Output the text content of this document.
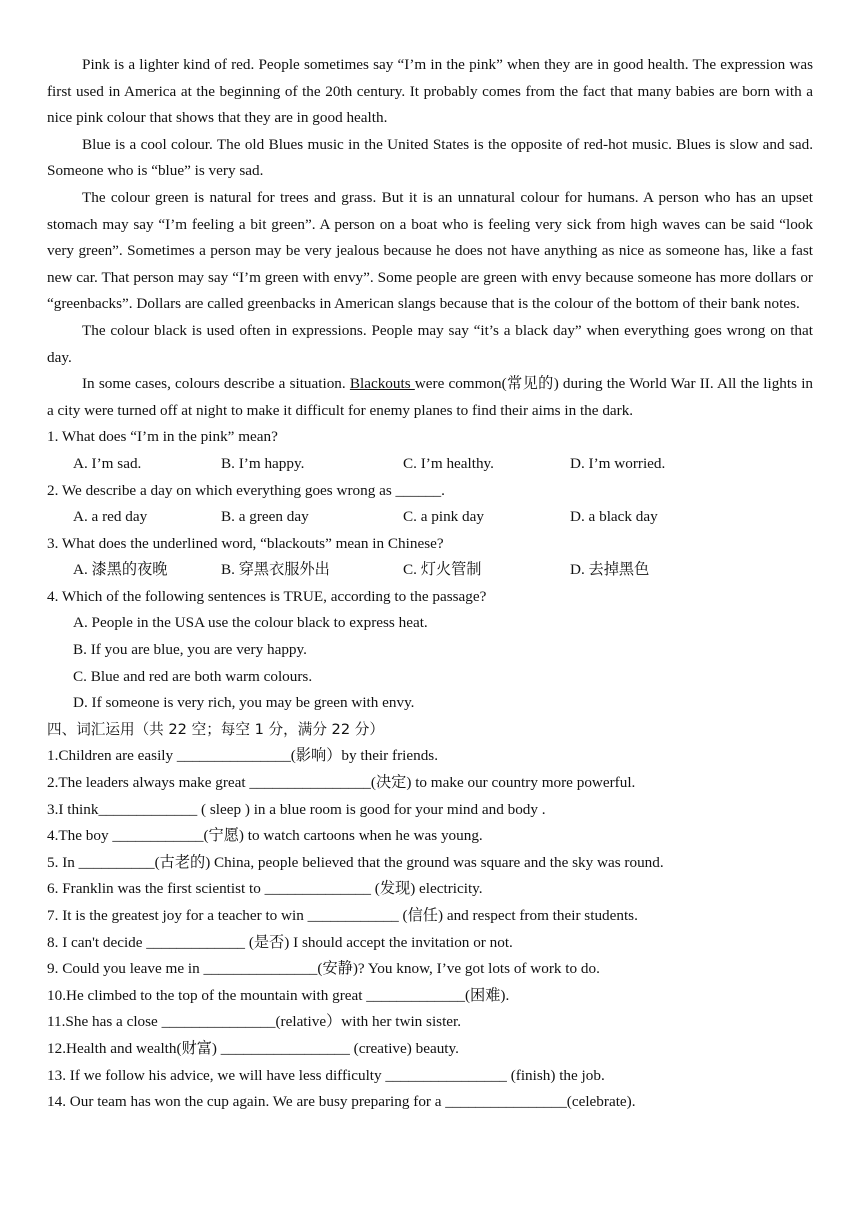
Pink is a lighter kind of red. People sometimes say “I’m in the pink” when they are in good health. The expression was first used in America at the beginning of the 20th century. It probably comes from the fact that many babies are born with a nice pink colour that shows that they are in good health.

Blue is a cool colour. The old Blues music in the United States is the opposite of red-hot music. Blues is slow and sad. Someone who is “blue” is very sad.

The colour green is natural for trees and grass. But it is an unnatural colour for humans. A person who has an upset stomach may say “I’m feeling a bit green”. A person on a boat who is feeling very sick from high waves can be said “look very green”. Sometimes a person may be very jealous because he does not have anything as nice as someone has, like a fast new car. That person may say “I’m green with envy”. Some people are green with envy because someone has more dollars or “greenbacks”. Dollars are called greenbacks in American slangs because that is the colour of the bottom of their bank notes.

The colour black is used often in expressions. People may say “it’s a black day” when everything goes wrong on that day.

In some cases, colours describe a situation. Blackouts were common(常见的) during the World War II. All the lights in a city were turned off at night to make it difficult for enemy planes to find their aims in the dark.

1. What does “I’m in the pink” mean?

A. I’m sad.	B. I’m happy.	C. I’m healthy.	D. I’m worried.

2. We describe a day on which everything goes wrong as ______.

A. a red day	B. a green day	C. a pink day	D. a black day

3. What does the underlined word, “blackouts” mean in Chinese?

A. 漆黑的夜晚	B. 穿黑衣服外出	C. 灯火管制	D. 去掉黑色

4. Which of the following sentences is TRUE, according to the passage?

A. People in the USA use the colour black to express heat.
B. If you are blue, you are very happy.
C. Blue and red are both warm colours.
D. If someone is very rich, you may be green with envy.

四、词汇运用（共 22 空；每空 1 分，满分 22 分）

1.Children are easily _______________(影响）by their friends.

2.The leaders always make great ________________(决定) to make our country more powerful.

3.I think_____________ ( sleep ) in a blue room is good for your mind and body .

4.The boy ____________(宁愿) to watch cartoons when he was young.

5. In __________(古老的) China, people believed that the ground was square and the sky was round.

6. Franklin was the first scientist to ______________ (发现) electricity.

7. It is the greatest joy for a teacher to win ____________ (信任) and respect from their students.

8. I can't decide _____________ (是否) I should accept the invitation or not.

9. Could you leave me in _______________(安静)? You know, I’ve got lots of work to do.

10.He climbed to the top of the mountain with great _____________(困难).

11.She has a close _______________(relative）with her twin sister.

12.Health and wealth(财富) _________________ (creative) beauty.

13. If we follow his advice, we will have less difficulty ________________ (finish) the job.

14. Our team has won the cup again. We are busy preparing for a ________________(celebrate).
